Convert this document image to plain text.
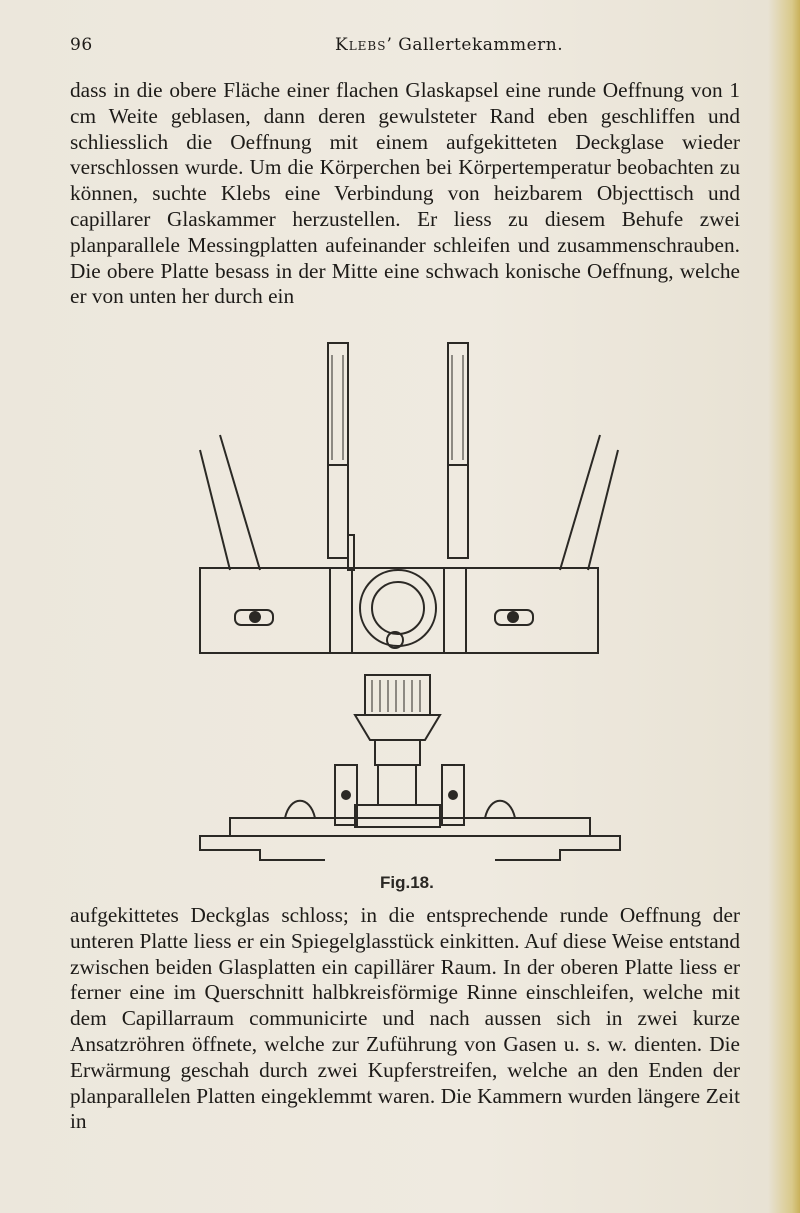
96	Klebs’ Gallertekammern.
dass in die obere Fläche einer flachen Glaskapsel eine runde Oeffnung von 1 cm Weite geblasen, dann deren gewulsteter Rand eben geschliffen und schliesslich die Oeffnung mit einem aufgekitteten Deckglase wieder verschlossen wurde. Um die Körperchen bei Körpertemperatur beobachten zu können, suchte Klebs eine Verbindung von heizbarem Objecttisch und capillarer Glaskammer herzustellen. Er liess zu diesem Behufe zwei planparallele Messingplatten aufeinander schleifen und zusammenschrauben. Die obere Platte besass in der Mitte eine schwach konische Oeffnung, welche er von unten her durch ein
Fig.18.
aufgekittetes Deckglas schloss; in die entsprechende runde Oeffnung der unteren Platte liess er ein Spiegelglasstück einkitten. Auf diese Weise entstand zwischen beiden Glasplatten ein capillärer Raum. In der oberen Platte liess er ferner eine im Querschnitt halbkreisförmige Rinne einschleifen, welche mit dem Capillarraum communicirte und nach aussen sich in zwei kurze Ansatzröhren öffnete, welche zur Zuführung von Gasen u. s. w. dienten. Die Erwärmung geschah durch zwei Kupferstreifen, welche an den Enden der planparallelen Platten eingeklemmt waren. Die Kammern wurden längere Zeit in
